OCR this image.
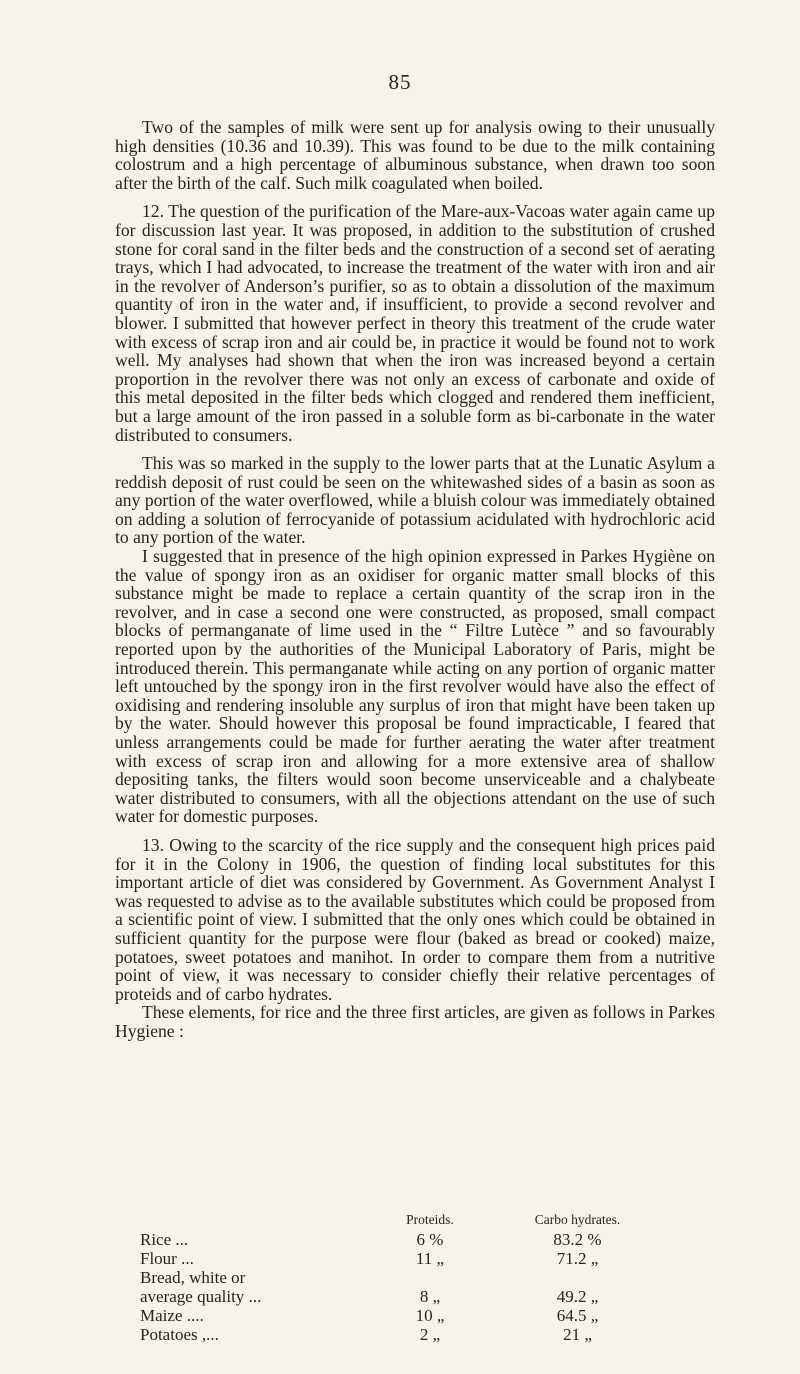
85

Two of the samples of milk were sent up for analysis owing to their unusually high densities (10.36 and 10.39). This was found to be due to the milk containing colostrum and a high percentage of albuminous substance, when drawn too soon after the birth of the calf. Such milk coagulated when boiled.

12. The question of the purification of the Mare-aux-Vacoas water again came up for discussion last year. It was proposed, in addition to the substitution of crushed stone for coral sand in the filter beds and the construction of a second set of aerating trays, which I had advocated, to increase the treatment of the water with iron and air in the revolver of Anderson’s purifier, so as to obtain a dissolution of the maximum quantity of iron in the water and, if insufficient, to provide a second revolver and blower. I submitted that however perfect in theory this treatment of the crude water with excess of scrap iron and air could be, in practice it would be found not to work well. My analyses had shown that when the iron was increased beyond a certain proportion in the revolver there was not only an excess of carbonate and oxide of this metal deposited in the filter beds which clogged and rendered them inefficient, but a large amount of the iron passed in a soluble form as bi-carbonate in the water distributed to consumers.

This was so marked in the supply to the lower parts that at the Lunatic Asylum a reddish deposit of rust could be seen on the whitewashed sides of a basin as soon as any portion of the water overflowed, while a bluish colour was immediately obtained on adding a solution of ferrocyanide of potassium acidulated with hydrochloric acid to any portion of the water.

I suggested that in presence of the high opinion expressed in Parkes Hygiène on the value of spongy iron as an oxidiser for organic matter small blocks of this substance might be made to replace a certain quantity of the scrap iron in the revolver, and in case a second one were constructed, as proposed, small compact blocks of permanganate of lime used in the “ Filtre Lutèce ” and so favourably reported upon by the authorities of the Municipal Laboratory of Paris, might be introduced therein. This permanganate while acting on any portion of organic matter left untouched by the spongy iron in the first revolver would have also the effect of oxidising and rendering insoluble any surplus of iron that might have been taken up by the water. Should however this proposal be found impracticable, I feared that unless arrangements could be made for further aerating the water after treatment with excess of scrap iron and allowing for a more extensive area of shallow depositing tanks, the filters would soon become unserviceable and a chalybeate water distributed to consumers, with all the objections attendant on the use of such water for domestic purposes.

13. Owing to the scarcity of the rice supply and the consequent high prices paid for it in the Colony in 1906, the question of finding local substitutes for this important article of diet was considered by Government. As Government Analyst I was requested to advise as to the available substitutes which could be proposed from a scientific point of view. I submitted that the only ones which could be obtained in sufficient quantity for the purpose were flour (baked as bread or cooked) maize, potatoes, sweet potatoes and manihot. In order to compare them from a nutritive point of view, it was necessary to consider chiefly their relative percentages of proteids and of carbo hydrates.

These elements, for rice and the three first articles, are given as follows in Parkes Hygiene :

	Proteids.	Carbo hydrates.
Rice ...	6 %	83.2 %
Flour ...	11 „	71.2 „
Bread, white or		
average quality ...	8 „	49.2 „
Maize ....	10 „	64.5 „
Potatoes ,...	2 „	21 „
